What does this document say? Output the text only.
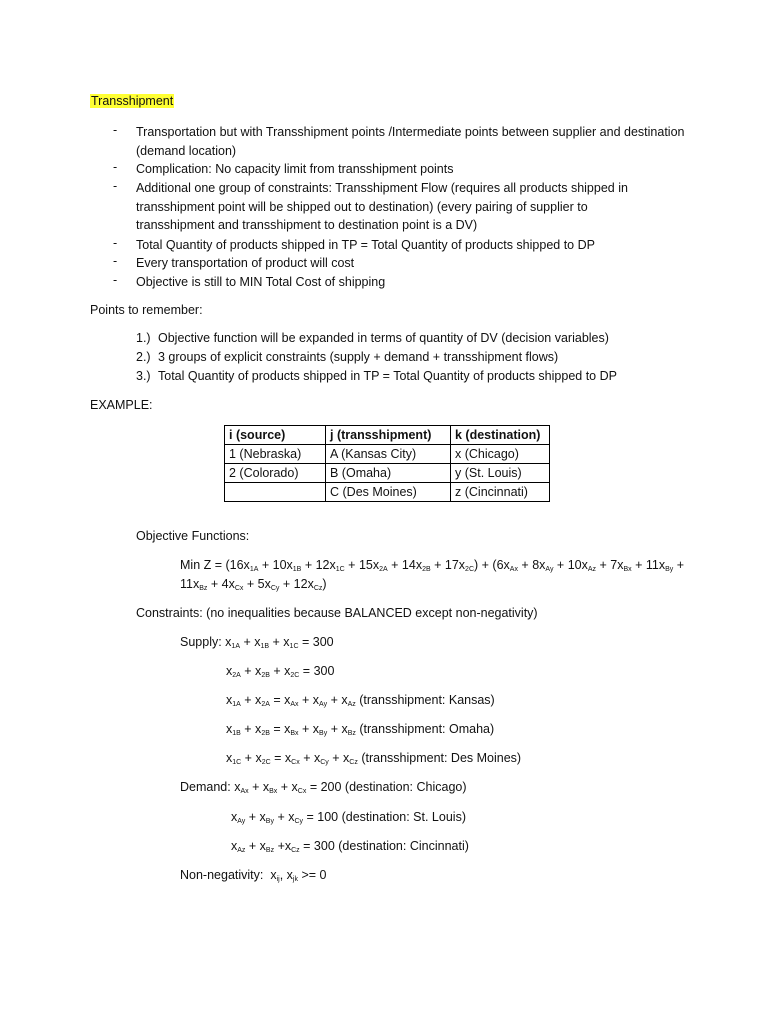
Transshipment
- Transportation but with Transshipment points /Intermediate points between supplier and destination (demand location)
- Complication: No capacity limit from transshipment points
- Additional one group of constraints: Transshipment Flow (requires all products shipped in transshipment point will be shipped out to destination) (every pairing of supplier to transshipment and transshipment to destination point is a DV)
- Total Quantity of products shipped in TP = Total Quantity of products shipped to DP
- Every transportation of product will cost
- Objective is still to MIN Total Cost of shipping
Points to remember:
1.) Objective function will be expanded in terms of quantity of DV (decision variables)
2.) 3 groups of explicit constraints (supply + demand + transshipment flows)
3.) Total Quantity of products shipped in TP = Total Quantity of products shipped to DP
EXAMPLE:
i (source)	j (transshipment)	k (destination)
1 (Nebraska)	A (Kansas City)	x (Chicago)
2 (Colorado)	B (Omaha)	y (St. Louis)
	C (Des Moines)	z (Cincinnati)
Objective Functions:
Min $Z = (16x_{1A} + 10x_{1B} + 12x_{1C} + 15x_{2A} + 14x_{2B} + 17x_{2C}) + (6x_{Ax} + 8x_{Ay} + 10x_{Az} + 7x_{Bx} + 11x_{By}$ +
$11x_{Bz} + 4x_{Cx} + 5x_{Cy} + 12x_{Cz}$)
Constraints: (no inequalities because BALANCED except non-negativity)
Supply: $x_{1A} + x_{1B} + x_{1C} = 300$
$x_{2A} + x_{2B} + x_{2C} = 300$
$x_{1A} + x_{2A} = x_{Ax} + x_{Ay} + x_{Az}$ (transshipment: Kansas)
$x_{1B} + x_{2B} = x_{Bx} + x_{By} + x_{Bz}$ (transshipment: Omaha)
$x_{1C} + x_{2C} = x_{Cx} + x_{Cy} + x_{Cz}$ (transshipment: Des Moines)
Demand: $x_{Ax} + x_{Bx} + x_{Cx} = 200$ (destination: Chicago)
$x_{Ay} + x_{By} + x_{Cy} = 100$ (destination: St. Louis)
$x_{Az} + x_{Bz} +x_{Cz} = 300$ (destination: Cincinnati)
Non-negativity:  $x_{ij}$, $x_{jk} >= 0$
